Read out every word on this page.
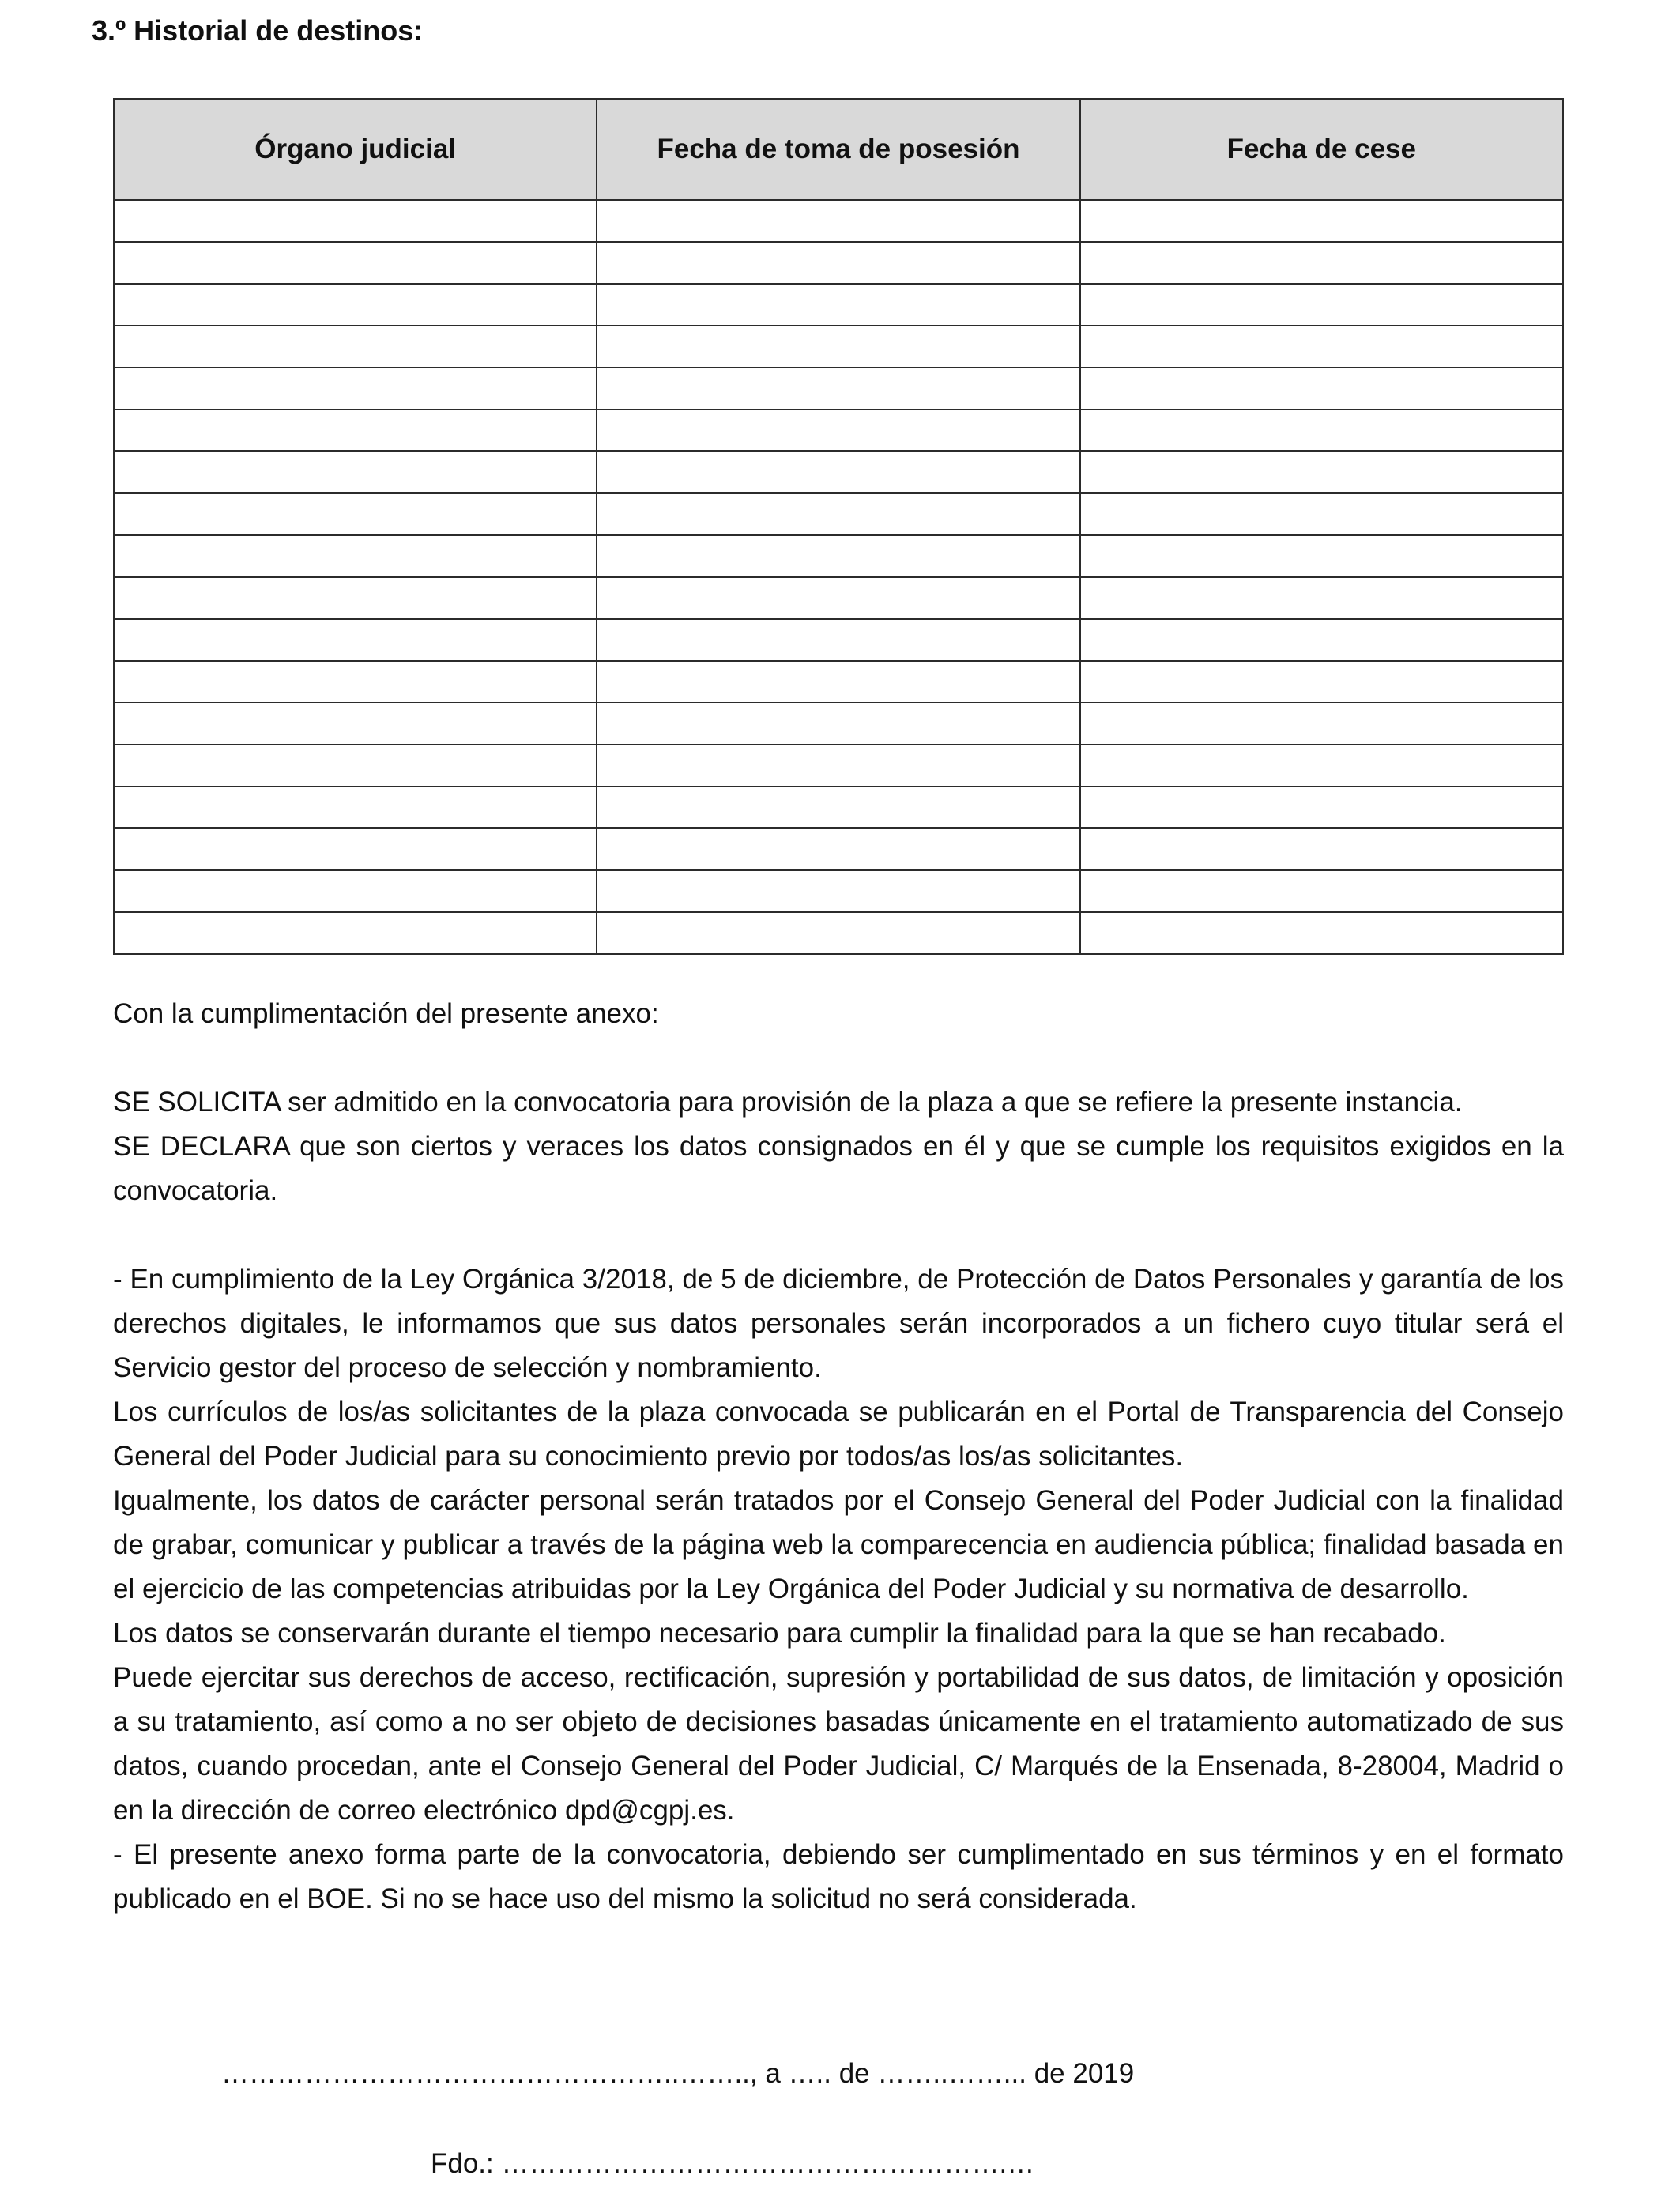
3.º Historial de destinos:
Órgano judicial	Fecha de toma de posesión	Fecha de cese

Con la cumplimentación del presente anexo:

SE SOLICITA ser admitido en la convocatoria para provisión de la plaza a que se refiere la presente instancia.

SE DECLARA que son ciertos y veraces los datos consignados en él y que se cumple los requisitos exigidos en la convocatoria.

- En cumplimiento de la Ley Orgánica 3/2018, de 5 de diciembre, de Protección de Datos Personales y garantía de los derechos digitales, le informamos que sus datos personales serán incorporados a un fichero cuyo titular será el Servicio gestor del proceso de selección y nombramiento.

Los currículos de los/as solicitantes de la plaza convocada se publicarán en el Portal de Transparencia del Consejo General del Poder Judicial para su conocimiento previo por todos/as los/as solicitantes.

Igualmente, los datos de carácter personal serán tratados por el Consejo General del Poder Judicial con la finalidad de grabar, comunicar y publicar a través de la página web la comparecencia en audiencia pública; finalidad basada en el ejercicio de las competencias atribuidas por la Ley Orgánica del Poder Judicial y su normativa de desarrollo.

Los datos se conservarán durante el tiempo necesario para cumplir la finalidad para la que se han recabado.

Puede ejercitar sus derechos de acceso, rectificación, supresión y portabilidad de sus datos, de limitación y oposición a su tratamiento, así como a no ser objeto de decisiones basadas únicamente en el tratamiento automatizado de sus datos, cuando procedan, ante el Consejo General del Poder Judicial, C/ Marqués de la Ensenada, 8-28004, Madrid o en la dirección de correo electrónico dpd@cgpj.es.

- El presente anexo forma parte de la convocatoria, debiendo ser cumplimentado en sus términos y en el formato publicado en el BOE. Si no se hace uso del mismo la solicitud no será considerada.

…………………………………………..…….., a ….. de ……..……... de 2019
Fdo.: ……………………………………………….…
